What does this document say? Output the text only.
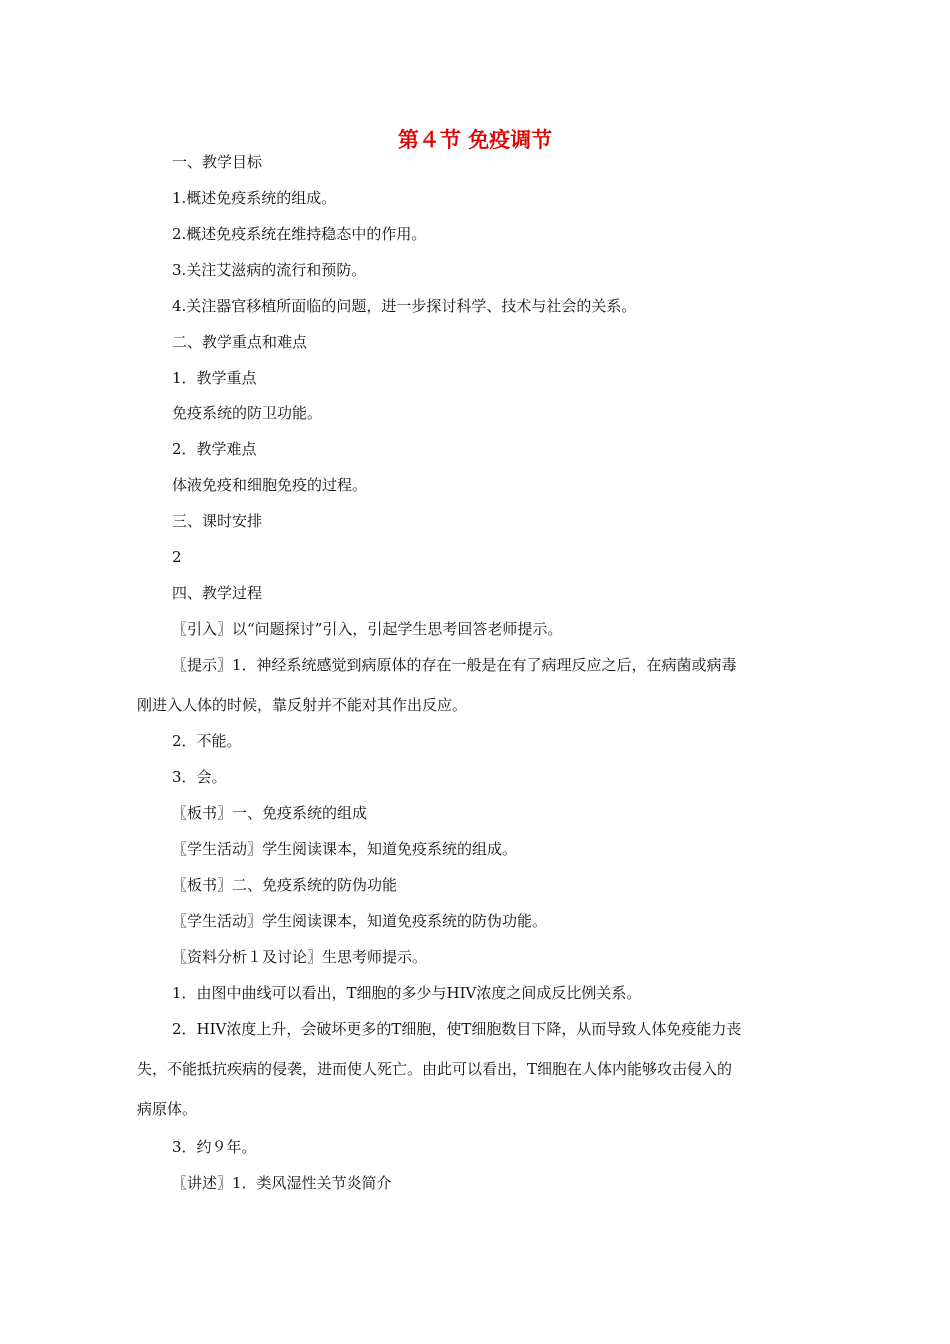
第４节 免疫调节
一、教学目标
1.概述免疫系统的组成。
2.概述免疫系统在维持稳态中的作用。
3.关注艾滋病的流行和预防。
4.关注器官移植所面临的问题，进一步探讨科学、技术与社会的关系。
二、教学重点和难点
1．教学重点
免疫系统的防卫功能。
2．教学难点
体液免疫和细胞免疫的过程。
三、课时安排
2
四、教学过程
〖引入〗以“问题探讨”引入，引起学生思考回答老师提示。
〖提示〗1．神经系统感觉到病原体的存在一般是在有了病理反应之后，在病菌或病毒
刚进入人体的时候，靠反射并不能对其作出反应。
2．不能。
3．会。
〖板书〗一、免疫系统的组成
〖学生活动〗学生阅读课本，知道免疫系统的组成。
〖板书〗二、免疫系统的防伪功能
〖学生活动〗学生阅读课本，知道免疫系统的防伪功能。
〖资料分析１及讨论〗生思考师提示。
1．由图中曲线可以看出，T细胞的多少与HIV浓度之间成反比例关系。
2．HIV浓度上升，会破坏更多的T细胞，使T细胞数目下降，从而导致人体免疫能力丧
失，不能抵抗疾病的侵袭，进而使人死亡。由此可以看出，T细胞在人体内能够攻击侵入的
病原体。
3．约９年。
〖讲述〗1．类风湿性关节炎简介
